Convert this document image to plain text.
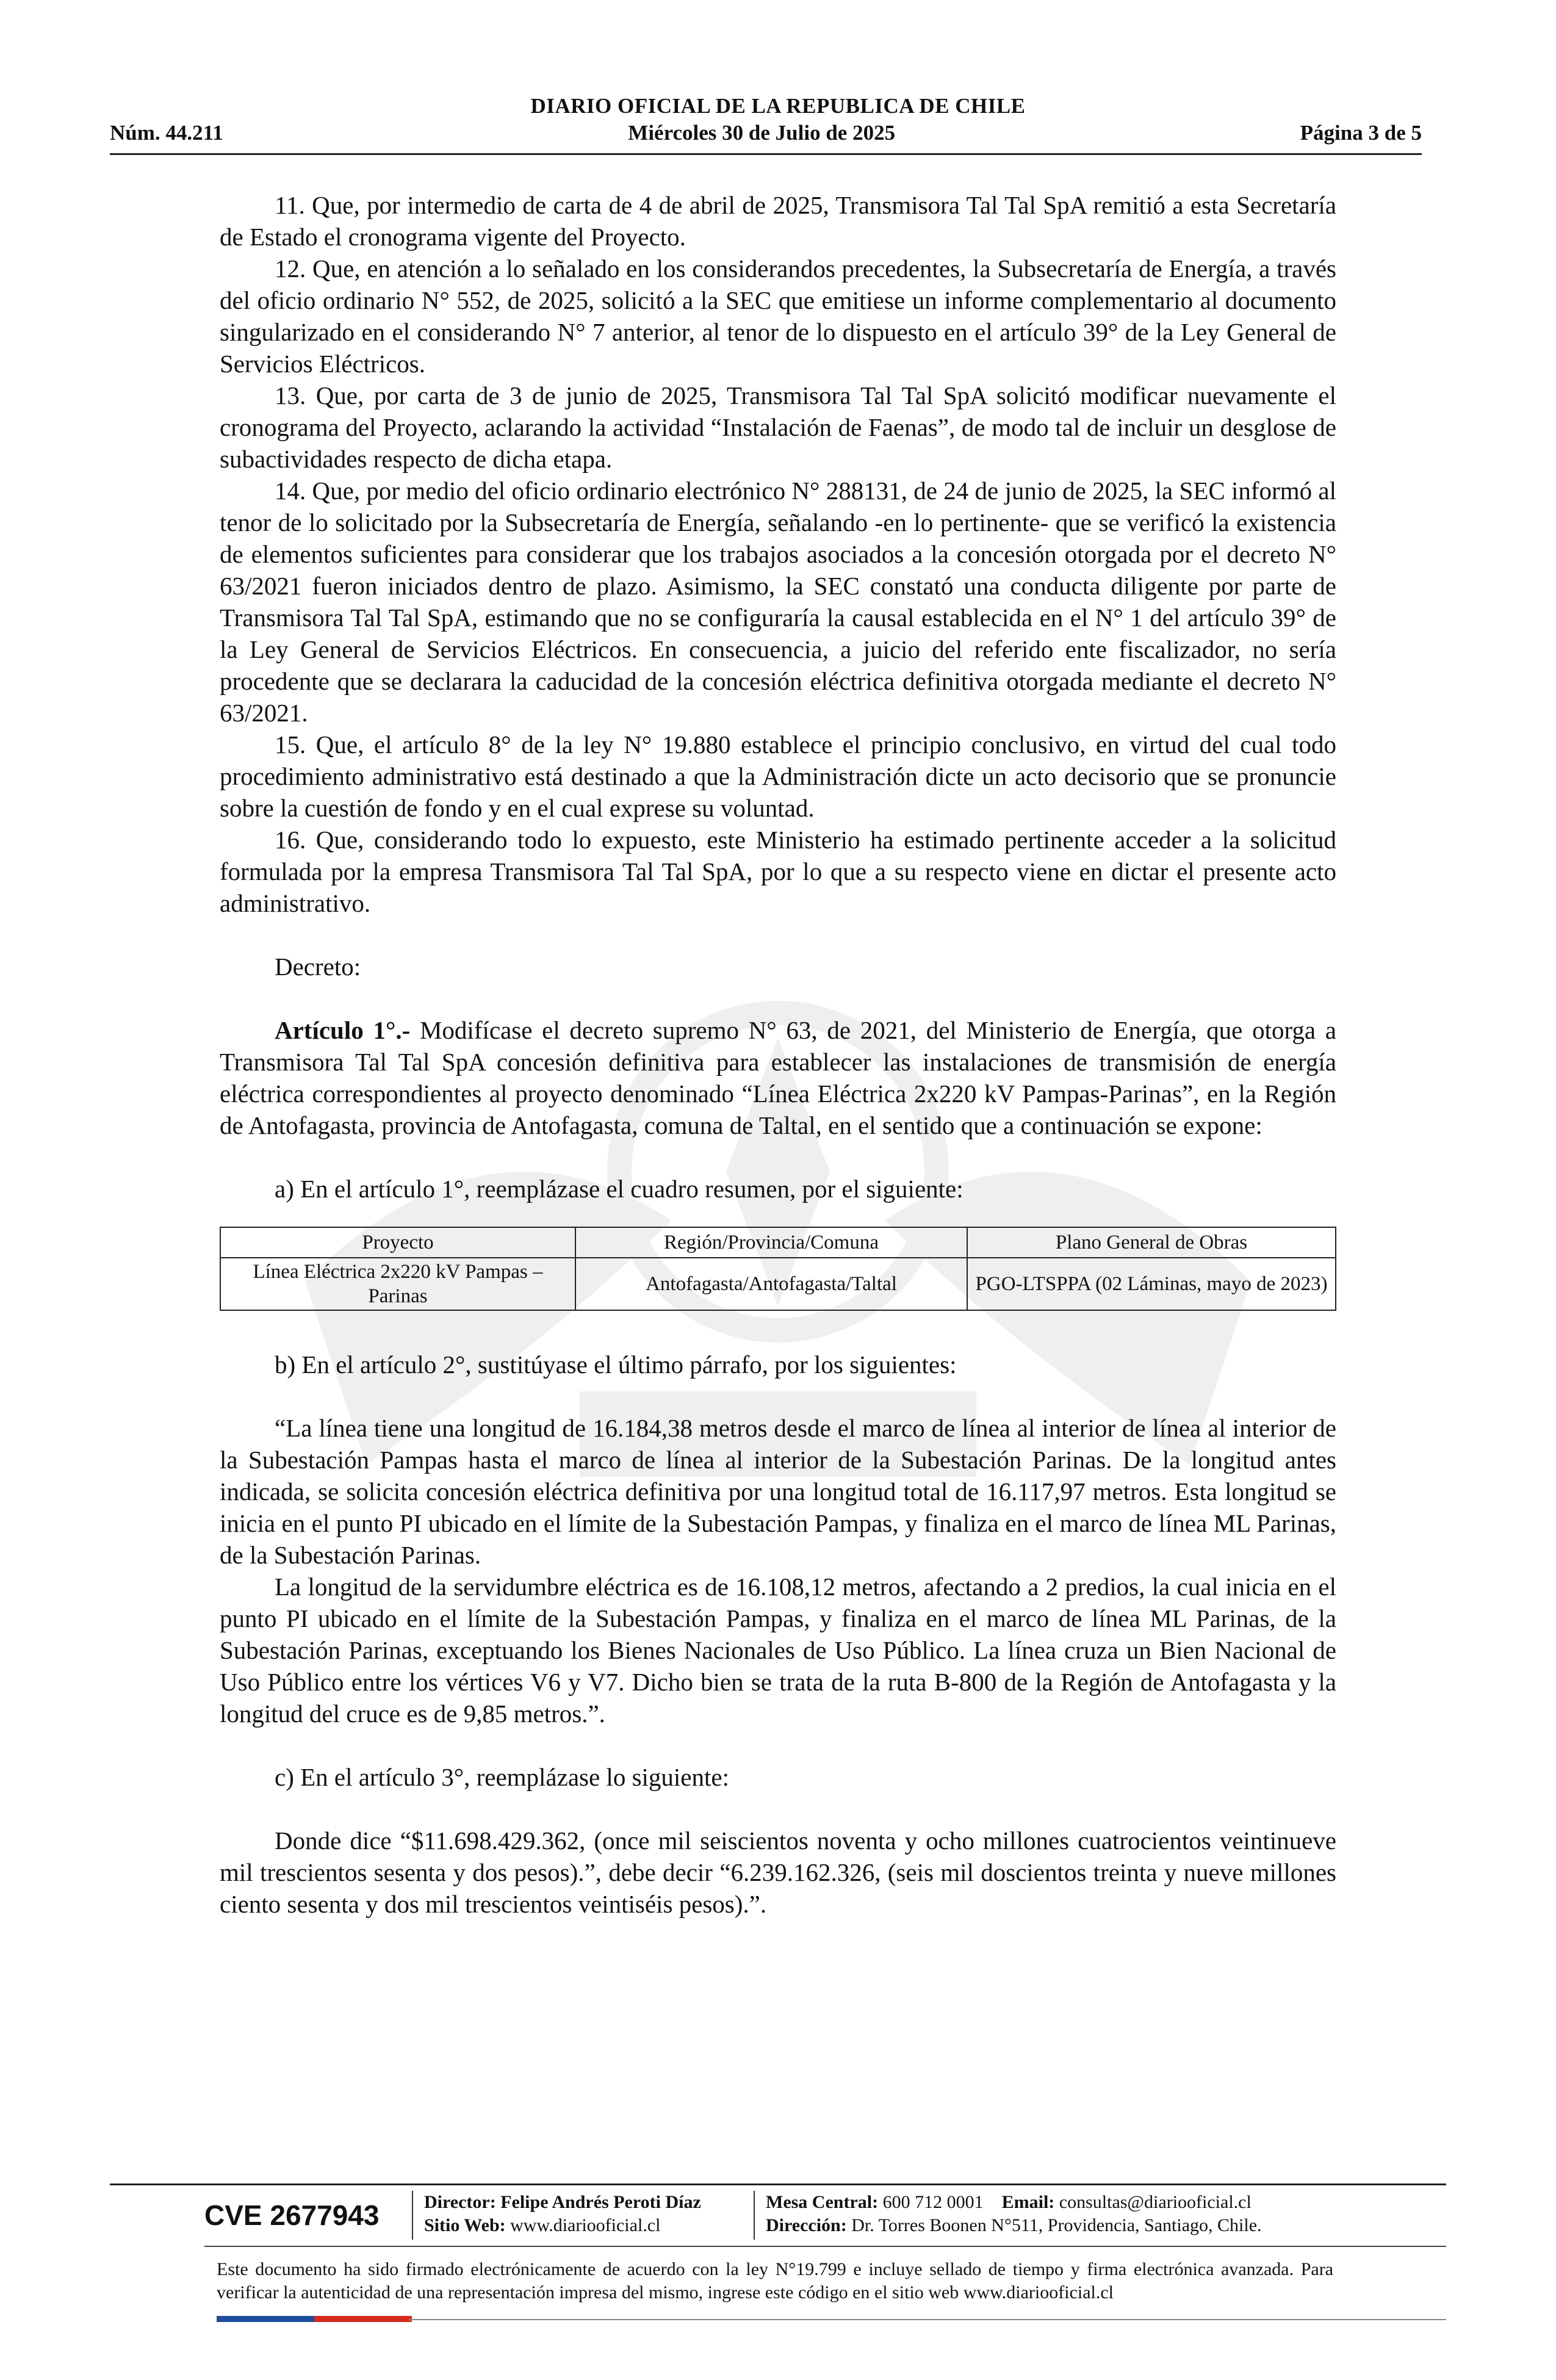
DIARIO OFICIAL DE LA REPUBLICA DE CHILE
Núm. 44.211	Miércoles 30 de Julio de 2025	Página 3 de 5

11. Que, por intermedio de carta de 4 de abril de 2025, Transmisora Tal Tal SpA remitió a esta Secretaría de Estado el cronograma vigente del Proyecto.

12. Que, en atención a lo señalado en los considerandos precedentes, la Subsecretaría de Energía, a través del oficio ordinario N° 552, de 2025, solicitó a la SEC que emitiese un informe complementario al documento singularizado en el considerando N° 7 anterior, al tenor de lo dispuesto en el artículo 39° de la Ley General de Servicios Eléctricos.

13. Que, por carta de 3 de junio de 2025, Transmisora Tal Tal SpA solicitó modificar nuevamente el cronograma del Proyecto, aclarando la actividad “Instalación de Faenas”, de modo tal de incluir un desglose de subactividades respecto de dicha etapa.

14. Que, por medio del oficio ordinario electrónico N° 288131, de 24 de junio de 2025, la SEC informó al tenor de lo solicitado por la Subsecretaría de Energía, señalando -en lo pertinente- que se verificó la existencia de elementos suficientes para considerar que los trabajos asociados a la concesión otorgada por el decreto N° 63/2021 fueron iniciados dentro de plazo. Asimismo, la SEC constató una conducta diligente por parte de Transmisora Tal Tal SpA, estimando que no se configuraría la causal establecida en el N° 1 del artículo 39° de la Ley General de Servicios Eléctricos. En consecuencia, a juicio del referido ente fiscalizador, no sería procedente que se declarara la caducidad de la concesión eléctrica definitiva otorgada mediante el decreto N° 63/2021.

15. Que, el artículo 8° de la ley N° 19.880 establece el principio conclusivo, en virtud del cual todo procedimiento administrativo está destinado a que la Administración dicte un acto decisorio que se pronuncie sobre la cuestión de fondo y en el cual exprese su voluntad.

16. Que, considerando todo lo expuesto, este Ministerio ha estimado pertinente acceder a la solicitud formulada por la empresa Transmisora Tal Tal SpA, por lo que a su respecto viene en dictar el presente acto administrativo.

Decreto:

Artículo 1°.- Modifícase el decreto supremo N° 63, de 2021, del Ministerio de Energía, que otorga a Transmisora Tal Tal SpA concesión definitiva para establecer las instalaciones de transmisión de energía eléctrica correspondientes al proyecto denominado “Línea Eléctrica 2x220 kV Pampas-Parinas”, en la Región de Antofagasta, provincia de Antofagasta, comuna de Taltal, en el sentido que a continuación se expone:

a) En el artículo 1°, reemplázase el cuadro resumen, por el siguiente:

Proyecto	Región/Provincia/Comuna	Plano General de Obras
Línea Eléctrica 2x220 kV Pampas – Parinas	Antofagasta/Antofagasta/Taltal	PGO-LTSPPA (02 Láminas, mayo de 2023)

b) En el artículo 2°, sustitúyase el último párrafo, por los siguientes:

“La línea tiene una longitud de 16.184,38 metros desde el marco de línea al interior de línea al interior de la Subestación Pampas hasta el marco de línea al interior de la Subestación Parinas. De la longitud antes indicada, se solicita concesión eléctrica definitiva por una longitud total de 16.117,97 metros. Esta longitud se inicia en el punto PI ubicado en el límite de la Subestación Pampas, y finaliza en el marco de línea ML Parinas, de la Subestación Parinas.

La longitud de la servidumbre eléctrica es de 16.108,12 metros, afectando a 2 predios, la cual inicia en el punto PI ubicado en el límite de la Subestación Pampas, y finaliza en el marco de línea ML Parinas, de la Subestación Parinas, exceptuando los Bienes Nacionales de Uso Público. La línea cruza un Bien Nacional de Uso Público entre los vértices V6 y V7. Dicho bien se trata de la ruta B-800 de la Región de Antofagasta y la longitud del cruce es de 9,85 metros.”.

c) En el artículo 3°, reemplázase lo siguiente:

Donde dice “$11.698.429.362, (once mil seiscientos noventa y ocho millones cuatrocientos veintinueve mil trescientos sesenta y dos pesos).”, debe decir “6.239.162.326, (seis mil doscientos treinta y nueve millones ciento sesenta y dos mil trescientos veintiséis pesos).”.

CVE 2677943	Director: Felipe Andrés Peroti Díaz
Sitio Web: www.diariooficial.cl
Mesa Central: 600 712 0001 Email: consultas@diariooficial.cl
Dirección: Dr. Torres Boonen N°511, Providencia, Santiago, Chile.
Este documento ha sido firmado electrónicamente de acuerdo con la ley N°19.799 e incluye sellado de tiempo y firma electrónica avanzada. Para verificar la autenticidad de una representación impresa del mismo, ingrese este código en el sitio web www.diariooficial.cl
